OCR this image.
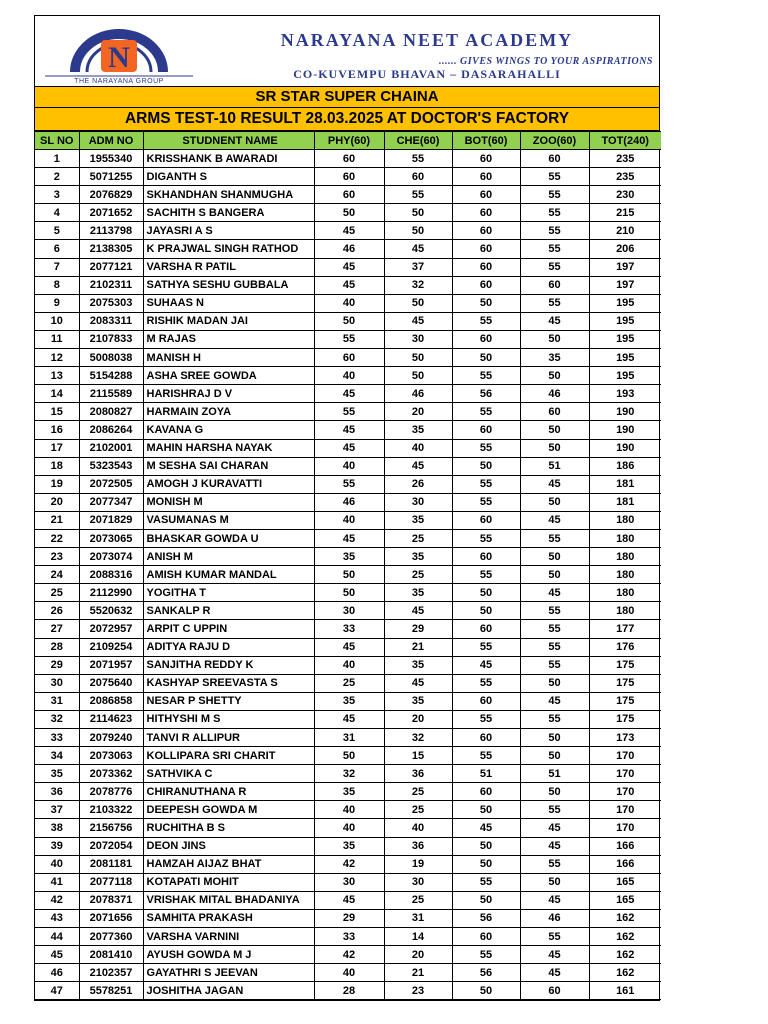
SRAMAYEVA JAYATHE
N
THE NARAYANA GROUP
NARAYANA NEET ACADEMY
...... GIVES WINGS TO YOUR ASPIRATIONS
CO-KUVEMPU BHAVAN – DASARAHALLI
SR STAR SUPER CHAINA
ARMS TEST-10 RESULT 28.03.2025 AT DOCTOR'S FACTORY
SL NO	ADM NO	STUDNENT NAME	PHY(60)	CHE(60)	BOT(60)	ZOO(60)	TOT(240)
1	1955340	KRISSHANK B AWARADI	60	55	60	60	235
2	5071255	DIGANTH S	60	60	60	55	235
3	2076829	SKHANDHAN SHANMUGHA	60	55	60	55	230
4	2071652	SACHITH S BANGERA	50	50	60	55	215
5	2113798	JAYASRI A S	45	50	60	55	210
6	2138305	K PRAJWAL SINGH RATHOD	46	45	60	55	206
7	2077121	VARSHA R PATIL	45	37	60	55	197
8	2102311	SATHYA SESHU GUBBALA	45	32	60	60	197
9	2075303	SUHAAS N	40	50	50	55	195
10	2083311	RISHIK MADAN JAI	50	45	55	45	195
11	2107833	M RAJAS	55	30	60	50	195
12	5008038	MANISH H	60	50	50	35	195
13	5154288	ASHA SREE GOWDA	40	50	55	50	195
14	2115589	HARISHRAJ D V	45	46	56	46	193
15	2080827	HARMAIN ZOYA	55	20	55	60	190
16	2086264	KAVANA G	45	35	60	50	190
17	2102001	MAHIN HARSHA NAYAK	45	40	55	50	190
18	5323543	M SESHA SAI CHARAN	40	45	50	51	186
19	2072505	AMOGH J KURAVATTI	55	26	55	45	181
20	2077347	MONISH M	46	30	55	50	181
21	2071829	VASUMANAS M	40	35	60	45	180
22	2073065	BHASKAR GOWDA U	45	25	55	55	180
23	2073074	ANISH M	35	35	60	50	180
24	2088316	AMISH KUMAR MANDAL	50	25	55	50	180
25	2112990	YOGITHA T	50	35	50	45	180
26	5520632	SANKALP R	30	45	50	55	180
27	2072957	ARPIT C UPPIN	33	29	60	55	177
28	2109254	ADITYA RAJU D	45	21	55	55	176
29	2071957	SANJITHA REDDY K	40	35	45	55	175
30	2075640	KASHYAP SREEVASTA S	25	45	55	50	175
31	2086858	NESAR P SHETTY	35	35	60	45	175
32	2114623	HITHYSHI M S	45	20	55	55	175
33	2079240	TANVI R ALLIPUR	31	32	60	50	173
34	2073063	KOLLIPARA SRI CHARIT	50	15	55	50	170
35	2073362	SATHVIKA C	32	36	51	51	170
36	2078776	CHIRANUTHANA R	35	25	60	50	170
37	2103322	DEEPESH GOWDA M	40	25	50	55	170
38	2156756	RUCHITHA B S	40	40	45	45	170
39	2072054	DEON JINS	35	36	50	45	166
40	2081181	HAMZAH AIJAZ BHAT	42	19	50	55	166
41	2077118	KOTAPATI MOHIT	30	30	55	50	165
42	2078371	VRISHAK MITAL BHADANIYA	45	25	50	45	165
43	2071656	SAMHITA PRAKASH	29	31	56	46	162
44	2077360	VARSHA VARNINI	33	14	60	55	162
45	2081410	AYUSH GOWDA M J	42	20	55	45	162
46	2102357	GAYATHRI S JEEVAN	40	21	56	45	162
47	5578251	JOSHITHA JAGAN	28	23	50	60	161
